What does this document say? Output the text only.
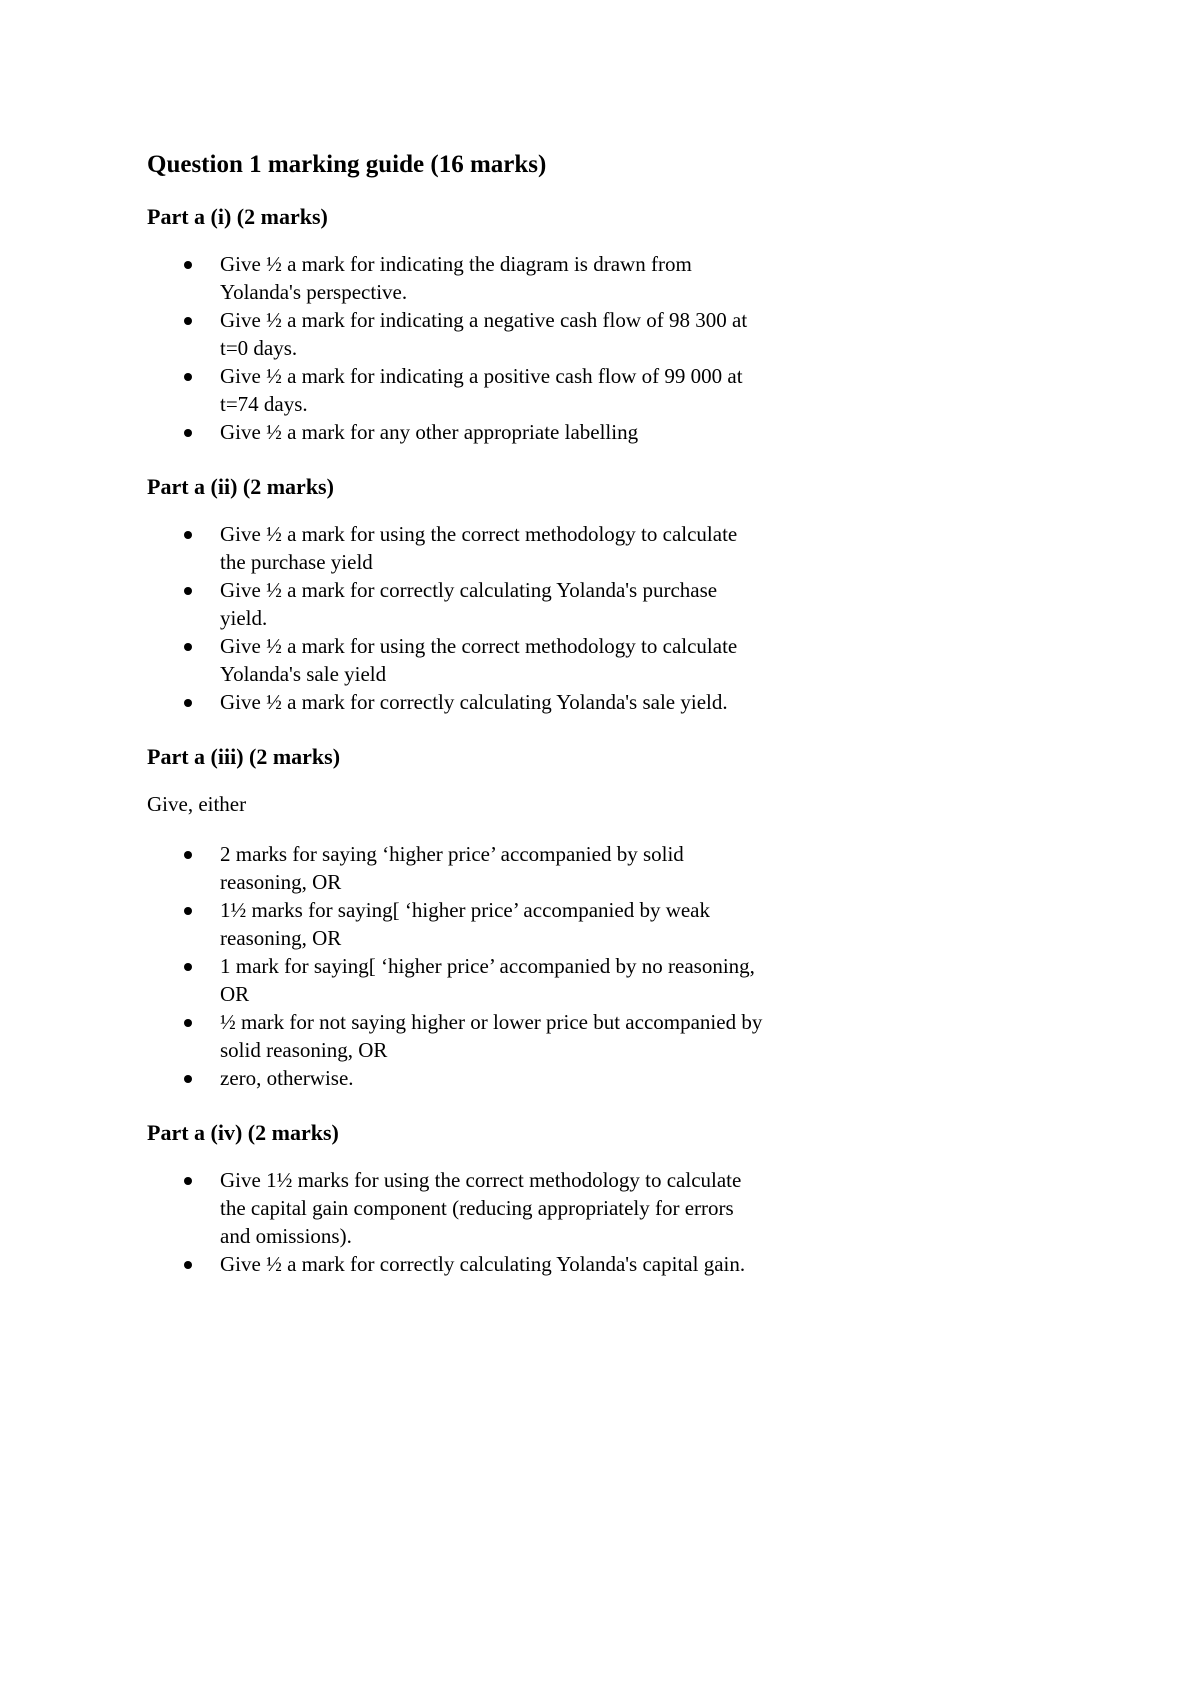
Question 1 marking guide (16 marks)
Part a (i) (2 marks)
Give ½ a mark for indicating the diagram is drawn from Yolanda's perspective.
Give ½ a mark for indicating a negative cash flow of 98 300 at t=0 days.
Give ½ a mark for indicating a positive cash flow of 99 000 at t=74 days.
Give ½ a mark for any other appropriate labelling
Part a (ii) (2 marks)
Give ½ a mark for using the correct methodology to calculate the purchase yield
Give ½ a mark for correctly calculating Yolanda's purchase yield.
Give ½ a mark for using the correct methodology to calculate Yolanda's sale yield
Give ½ a mark for correctly calculating Yolanda's sale yield.
Part a (iii) (2 marks)
Give, either
2 marks for saying ‘higher price’ accompanied by solid reasoning, OR
1½ marks for saying[ ‘higher price’ accompanied by weak reasoning, OR
1 mark for saying[ ‘higher price’ accompanied by no reasoning, OR
½ mark for not saying higher or lower price but accompanied by solid reasoning, OR
zero, otherwise.
Part a (iv) (2 marks)
Give 1½ marks for using the correct methodology to calculate the capital gain component (reducing appropriately for errors and omissions).
Give ½ a mark for correctly calculating Yolanda's capital gain.
